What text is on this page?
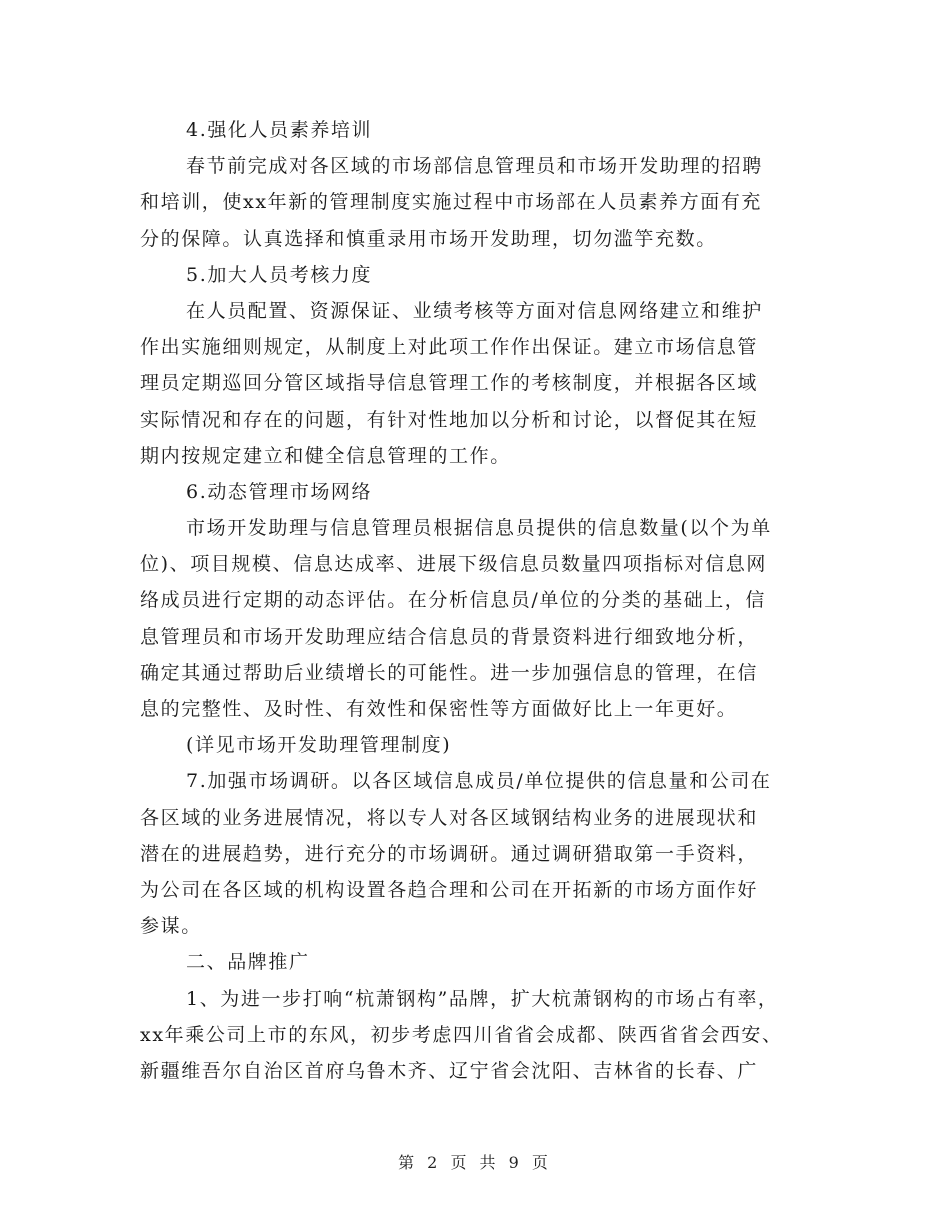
4.强化人员素养培训
春节前完成对各区域的市场部信息管理员和市场开发助理的招聘
和培训，使xx年新的管理制度实施过程中市场部在人员素养方面有充
分的保障。认真选择和慎重录用市场开发助理，切勿滥竽充数。
5.加大人员考核力度
在人员配置、资源保证、业绩考核等方面对信息网络建立和维护
作出实施细则规定，从制度上对此项工作作出保证。建立市场信息管
理员定期巡回分管区域指导信息管理工作的考核制度，并根据各区域
实际情况和存在的问题，有针对性地加以分析和讨论，以督促其在短
期内按规定建立和健全信息管理的工作。
6.动态管理市场网络
市场开发助理与信息管理员根据信息员提供的信息数量(以个为单
位)、项目规模、信息达成率、进展下级信息员数量四项指标对信息网
络成员进行定期的动态评估。在分析信息员/单位的分类的基础上，信
息管理员和市场开发助理应结合信息员的背景资料进行细致地分析，
确定其通过帮助后业绩增长的可能性。进一步加强信息的管理，在信
息的完整性、及时性、有效性和保密性等方面做好比上一年更好。
(详见市场开发助理管理制度)
7.加强市场调研。以各区域信息成员/单位提供的信息量和公司在
各区域的业务进展情况，将以专人对各区域钢结构业务的进展现状和
潜在的进展趋势，进行充分的市场调研。通过调研猎取第一手资料，
为公司在各区域的机构设置各趋合理和公司在开拓新的市场方面作好
参谋。
二、品牌推广
1、为进一步打响“杭萧钢构”品牌，扩大杭萧钢构的市场占有率，
xx年乘公司上市的东风，初步考虑四川省省会成都、陕西省省会西安、
新疆维吾尔自治区首府乌鲁木齐、辽宁省会沈阳、吉林省的长春、广
第 2 页 共 9 页
